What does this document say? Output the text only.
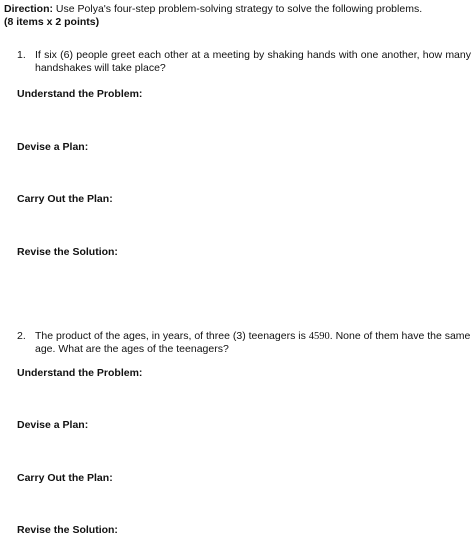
Direction: Use Polya's four-step problem-solving strategy to solve the following problems.
(8 items x 2 points)
1. If six (6) people greet each other at a meeting by shaking hands with one another, how many handshakes will take place?
Understand the Problem:
Devise a Plan:
Carry Out the Plan:
Revise the Solution:
2. The product of the ages, in years, of three (3) teenagers is 4590. None of them have the same age. What are the ages of the teenagers?
Understand the Problem:
Devise a Plan:
Carry Out the Plan:
Revise the Solution:
